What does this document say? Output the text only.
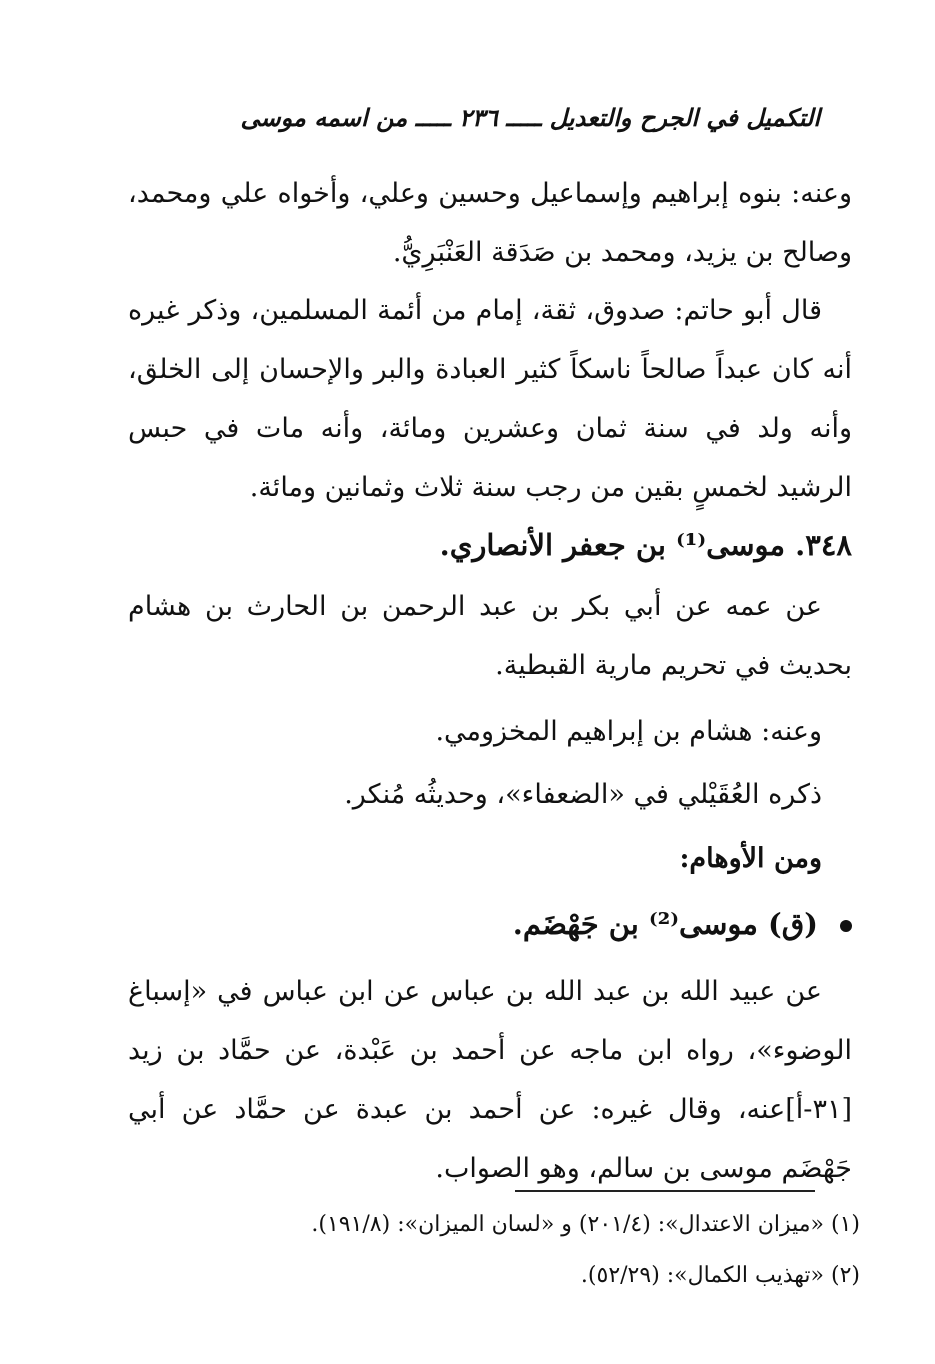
التكميل في الجرح والتعديل ـــــ ٢٣٦ ـــــ من اسمه موسى
وعنه: بنوه إبراهيم وإسماعيل وحسين وعلي، وأخواه علي ومحمد، وصالح بن يزيد، ومحمد بن صَدَقة العَنْبَرِيُّ.
قال أبو حاتم: صدوق، ثقة، إمام من أئمة المسلمين، وذكر غيره أنه كان عبداً صالحاً ناسكاً كثير العبادة والبر والإحسان إلى الخلق، وأنه ولد في سنة ثمان وعشرين ومائة، وأنه مات في حبس الرشيد لخمسٍ بقين من رجب سنة ثلاث وثمانين ومائة.
٣٤٨. موسى⁽¹⁾ بن جعفر الأنصاري.
عن عمه عن أبي بكر بن عبد الرحمن بن الحارث بن هشام بحديث في تحريم مارية القبطية.
وعنه: هشام بن إبراهيم المخزومي.
ذكره العُقَيْلي في «الضعفاء»، وحديثُه مُنكر.
ومن الأوهام:
(ق) موسى⁽²⁾ بن جَهْضَم.
عن عبيد الله بن عبد الله بن عباس عن ابن عباس في «إسباغ الوضوء»، رواه ابن ماجه عن أحمد بن عَبْدة، عن حمَّاد بن زيد [٣١-أ]عنه، وقال غيره: عن أحمد بن عبدة عن حمَّاد عن أبي جَهْضَم موسى بن سالم، وهو الصواب.
(١) «ميزان الاعتدال»: (٢٠١/٤) و «لسان الميزان»: (١٩١/٨).
(٢) «تهذيب الكمال»: (٥٢/٢٩).
